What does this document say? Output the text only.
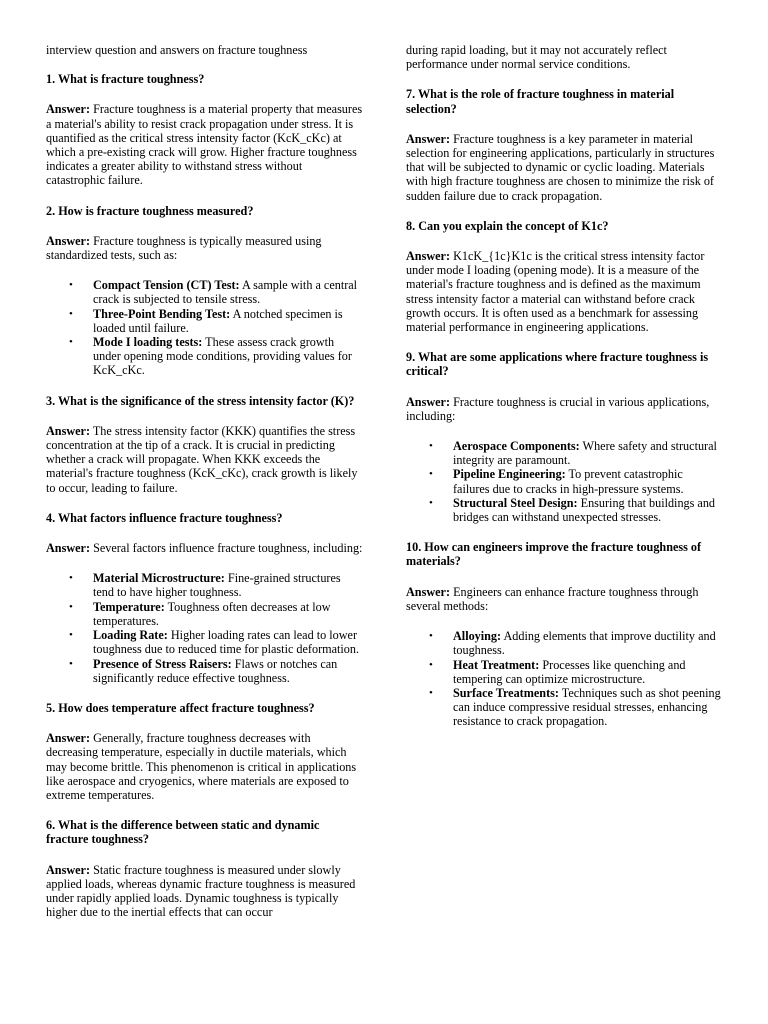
interview question and answers on fracture toughness

1. What is fracture toughness?

Answer: Fracture toughness is a material property that measures a material's ability to resist crack propagation under stress. It is quantified as the critical stress intensity factor (KcK_cKc) at which a pre-existing crack will grow. Higher fracture toughness indicates a greater ability to withstand stress without catastrophic failure.

2. How is fracture toughness measured?

Answer: Fracture toughness is typically measured using standardized tests, such as:

• Compact Tension (CT) Test: A sample with a central crack is subjected to tensile stress.
• Three-Point Bending Test: A notched specimen is loaded until failure.
• Mode I loading tests: These assess crack growth under opening mode conditions, providing values for KcK_cKc.
3. What is the significance of the stress intensity factor (K)?

Answer: The stress intensity factor (KKK) quantifies the stress concentration at the tip of a crack. It is crucial in predicting whether a crack will propagate. When KKK exceeds the material's fracture toughness (KcK_cKc), crack growth is likely to occur, leading to failure.

4. What factors influence fracture toughness?

Answer: Several factors influence fracture toughness, including:

• Material Microstructure: Fine-grained structures tend to have higher toughness.
• Temperature: Toughness often decreases at low temperatures.
• Loading Rate: Higher loading rates can lead to lower toughness due to reduced time for plastic deformation.
• Presence of Stress Raisers: Flaws or notches can significantly reduce effective toughness.
5. How does temperature affect fracture toughness?

Answer: Generally, fracture toughness decreases with decreasing temperature, especially in ductile materials, which may become brittle. This phenomenon is critical in applications like aerospace and cryogenics, where materials are exposed to extreme temperatures.

6. What is the difference between static and dynamic fracture toughness?

Answer: Static fracture toughness is measured under slowly applied loads, whereas dynamic fracture toughness is measured under rapidly applied loads. Dynamic toughness is typically higher due to the inertial effects that can occur

during rapid loading, but it may not accurately reflect performance under normal service conditions.

7. What is the role of fracture toughness in material selection?

Answer: Fracture toughness is a key parameter in material selection for engineering applications, particularly in structures that will be subjected to dynamic or cyclic loading. Materials with high fracture toughness are chosen to minimize the risk of sudden failure due to crack propagation.

8. Can you explain the concept of K1c?

Answer: K1cK_{1c}K1c is the critical stress intensity factor under mode I loading (opening mode). It is a measure of the material's fracture toughness and is defined as the maximum stress intensity factor a material can withstand before crack growth occurs. It is often used as a benchmark for assessing material performance in engineering applications.

9. What are some applications where fracture toughness is critical?

Answer: Fracture toughness is crucial in various applications, including:

• Aerospace Components: Where safety and structural integrity are paramount.
• Pipeline Engineering: To prevent catastrophic failures due to cracks in high-pressure systems.
• Structural Steel Design: Ensuring that buildings and bridges can withstand unexpected stresses.
10. How can engineers improve the fracture toughness of materials?

Answer: Engineers can enhance fracture toughness through several methods:

• Alloying: Adding elements that improve ductility and toughness.
• Heat Treatment: Processes like quenching and tempering can optimize microstructure.
• Surface Treatments: Techniques such as shot peening can induce compressive residual stresses, enhancing resistance to crack propagation.
